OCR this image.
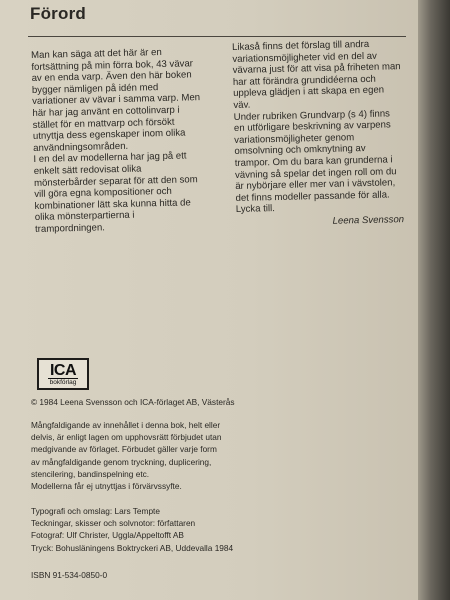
Förord

Man kan säga att det här är en fortsättning på min förra bok, 43 vävar av en enda varp. Även den här boken bygger nämligen på idén med variationer av vävar i samma varp. Men här har jag använt en cottolinvarp i stället för en mattvarp och försökt utnyttja dess egenskaper inom olika användningsområden.

I en del av modellerna har jag på ett enkelt sätt redovisat olika mönsterbårder separat för att den som vill göra egna kompositioner och kombinationer lätt ska kunna hitta de olika mönsterpartierna i trampordningen.

Likaså finns det förslag till andra variationsmöjligheter vid en del av vävarna just för att visa på friheten man har att förändra grundidéerna och uppleva glädjen i att skapa en egen väv.

Under rubriken Grundvarp (s 4) finns en utförligare beskrivning av varpens variationsmöjligheter genom omsolvning och omknytning av trampor. Om du bara kan grunderna i vävning så spelar det ingen roll om du är nybörjare eller mer van i vävstolen, det finns modeller passande för alla. Lycka till.

Leena Svensson

ICA
bokförlag

© 1984 Leena Svensson och ICA-förlaget AB, Västerås

Mångfaldigande av innehållet i denna bok, helt eller

delvis, är enligt lagen om upphovsrätt förbjudet utan

medgivande av förlaget. Förbudet gäller varje form

av mångfaldigande genom tryckning, duplicering,

stencilering, bandinspelning etc.

Modellerna får ej utnyttjas i förvärvssyfte.

Typografi och omslag: Lars Tempte

Teckningar, skisser och solvnotor: författaren

Fotograf: Ulf Christer, Uggla/Appeltofft AB

Tryck: Bohusläningens Boktryckeri AB, Uddevalla 1984

ISBN 91-534-0850-0
